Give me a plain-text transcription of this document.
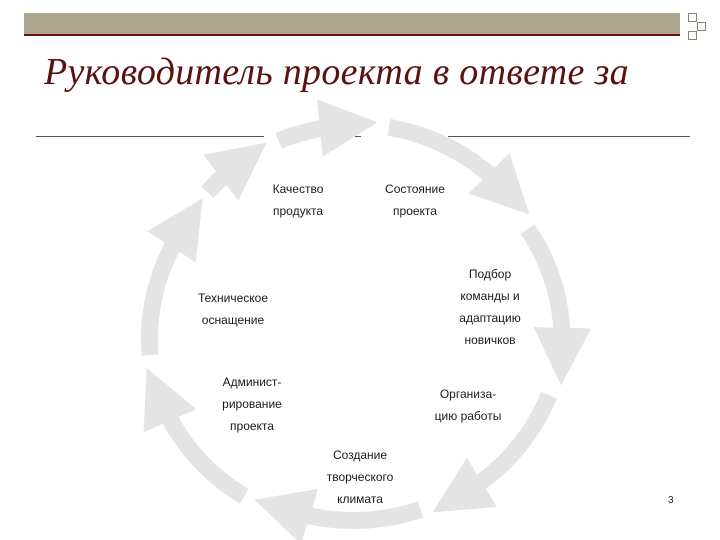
Руководитель проекта в ответе за
Качество
продукта
Состояние
проекта
Подбор
команды и
адаптацию
новичков
Организа-
цию работы
Создание
творческого
климата
Админист-
рирование
проекта
Техническое
оснащение
3
